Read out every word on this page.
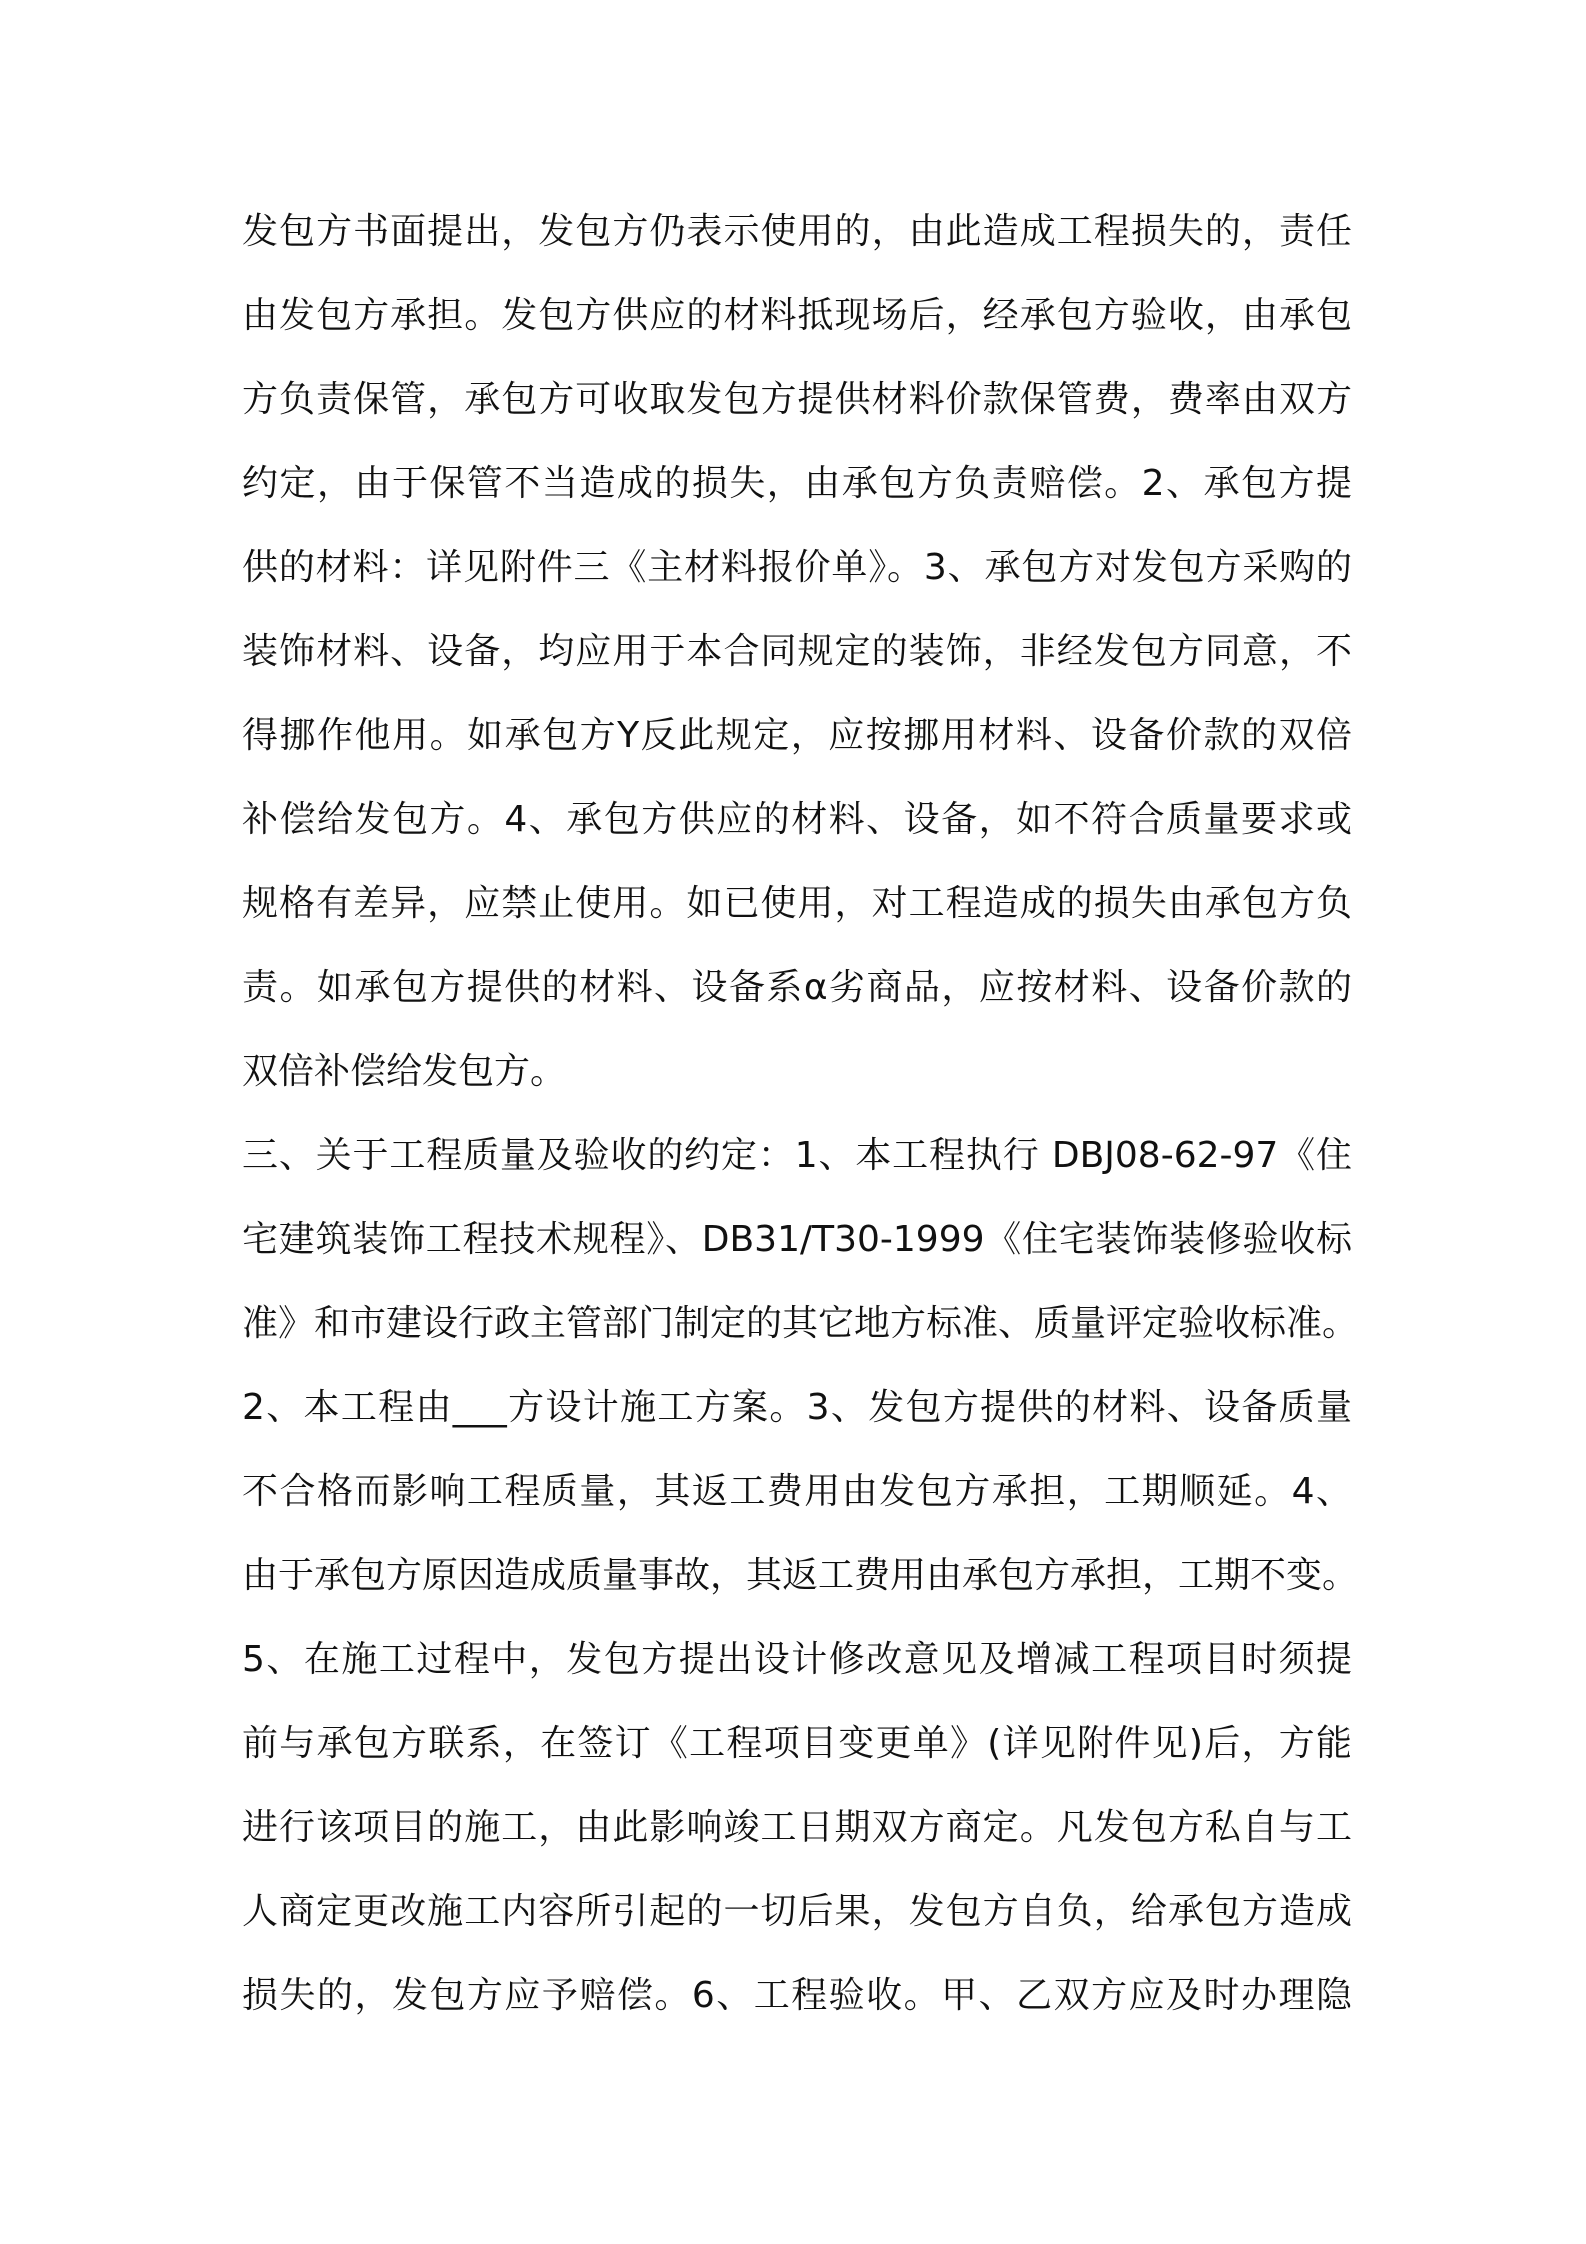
发包方书面提出，发包方仍表示使用的，由此造成工程损失的，责任
由发包方承担。发包方供应的材料抵现场后，经承包方验收，由承包
方负责保管，承包方可收取发包方提供材料价款保管费，费率由双方
约定，由于保管不当造成的损失，由承包方负责赔偿。2、承包方提
供的材料：详见附件三《主材料报价单》。3、承包方对发包方采购的
装饰材料、设备，均应用于本合同规定的装饰，非经发包方同意，不
得挪作他用。如承包方Y反此规定，应按挪用材料、设备价款的双倍
补偿给发包方。4、承包方供应的材料、设备，如不符合质量要求或
规格有差异，应禁止使用。如已使用，对工程造成的损失由承包方负
责。如承包方提供的材料、设备系α劣商品，应按材料、设备价款的
双倍补偿给发包方。
三、关于工程质量及验收的约定：1、本工程执行 DBJ08-62-97《住
宅建筑装饰工程技术规程》、DB31/T30-1999《住宅装饰装修验收标
准》和市建设行政主管部门制定的其它地方标准、质量评定验收标准。
2、本工程由___方设计施工方案。3、发包方提供的材料、设备质量
不合格而影响工程质量，其返工费用由发包方承担，工期顺延。4、
由于承包方原因造成质量事故，其返工费用由承包方承担，工期不变。
5、在施工过程中，发包方提出设计修改意见及增减工程项目时须提
前与承包方联系，在签订《工程项目变更单》(详见附件见)后，方能
进行该项目的施工，由此影响竣工日期双方商定。凡发包方私自与工
人商定更改施工内容所引起的一切后果，发包方自负，给承包方造成
损失的，发包方应予赔偿。6、工程验收。甲、乙双方应及时办理隐
